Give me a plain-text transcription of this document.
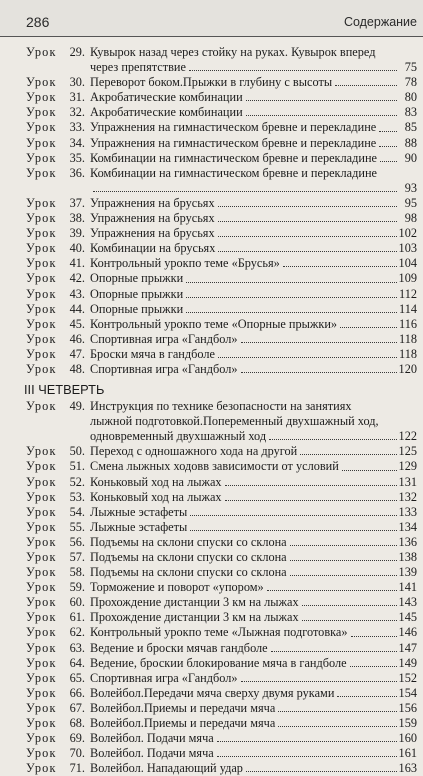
286	Содержание
Урок	29. Кувырок назад через стойку на руках. Кувырок вперед
через препятствие	75
Урок	30. Переворот боком.Прыжки в глубину с высоты	78
Урок	31. Акробатические комбинации	80
Урок	32. Акробатические комбинации	83
Урок	33. Упражнения на гимнастическом бревне и перекладине	85
Урок	34. Упражнения на гимнастическом бревне и перекладине	88
Урок	35. Комбинации на гимнастическом бревне и перекладине	90
Урок	36. Комбинации на гимнастическом бревне и перекладине
93
Урок	37. Упражнения на брусьях	95
Урок	38. Упражнения на брусьях	98
Урок	39. Упражнения на брусьях	102
Урок	40. Комбинации на брусьях	103
Урок	41. Контрольный урокпо теме «Брусья»	104
Урок	42. Опорные прыжки	109
Урок	43. Опорные прыжки	112
Урок	44. Опорные прыжки	114
Урок	45. Контрольный урокпо теме «Опорные прыжки»	116
Урок	46. Спортивная игра «Гандбол»	118
Урок	47. Броски мяча в гандболе	118
Урок	48. Спортивная игра «Гандбол»	120
III ЧЕТВЕРТЬ
Урок	49. Инструкция по технике безопасности на занятиях
лыжной подготовкой.Попеременный двухшажный ход,
одновременный двухшажный ход	122
Урок	50. Переход с одношажного хода на другой	125
Урок	51. Смена лыжных ходовв зависимости от условий	129
Урок	52. Коньковый ход на лыжах	131
Урок	53. Коньковый ход на лыжах	132
Урок	54. Лыжные эстафеты	133
Урок	55. Лыжные эстафеты	134
Урок	56. Подъемы на склони спуски со склона	136
Урок	57. Подъемы на склони спуски со склона	138
Урок	58. Подъемы на склони спуски со склона	139
Урок	59. Торможение и поворот «упором»	141
Урок	60. Прохождение дистанции 3 км на лыжах	143
Урок	61. Прохождение дистанции 3 км на лыжах	145
Урок	62. Контрольный урокпо теме «Лыжная подготовка»	146
Урок	63. Ведение и броски мячав гандболе	147
Урок	64. Ведение, броскии блокирование мяча в гандболе	149
Урок	65. Спортивная игра «Гандбол»	152
Урок	66. Волейбол.Передачи мяча сверху двумя руками	154
Урок	67. Волейбол.Приемы и передачи мяча	156
Урок	68. Волейбол.Приемы и передачи мяча	159
Урок	69. Волейбол. Подачи мяча	160
Урок	70. Волейбол. Подачи мяча	161
Урок	71. Волейбол. Нападающий удар	163
